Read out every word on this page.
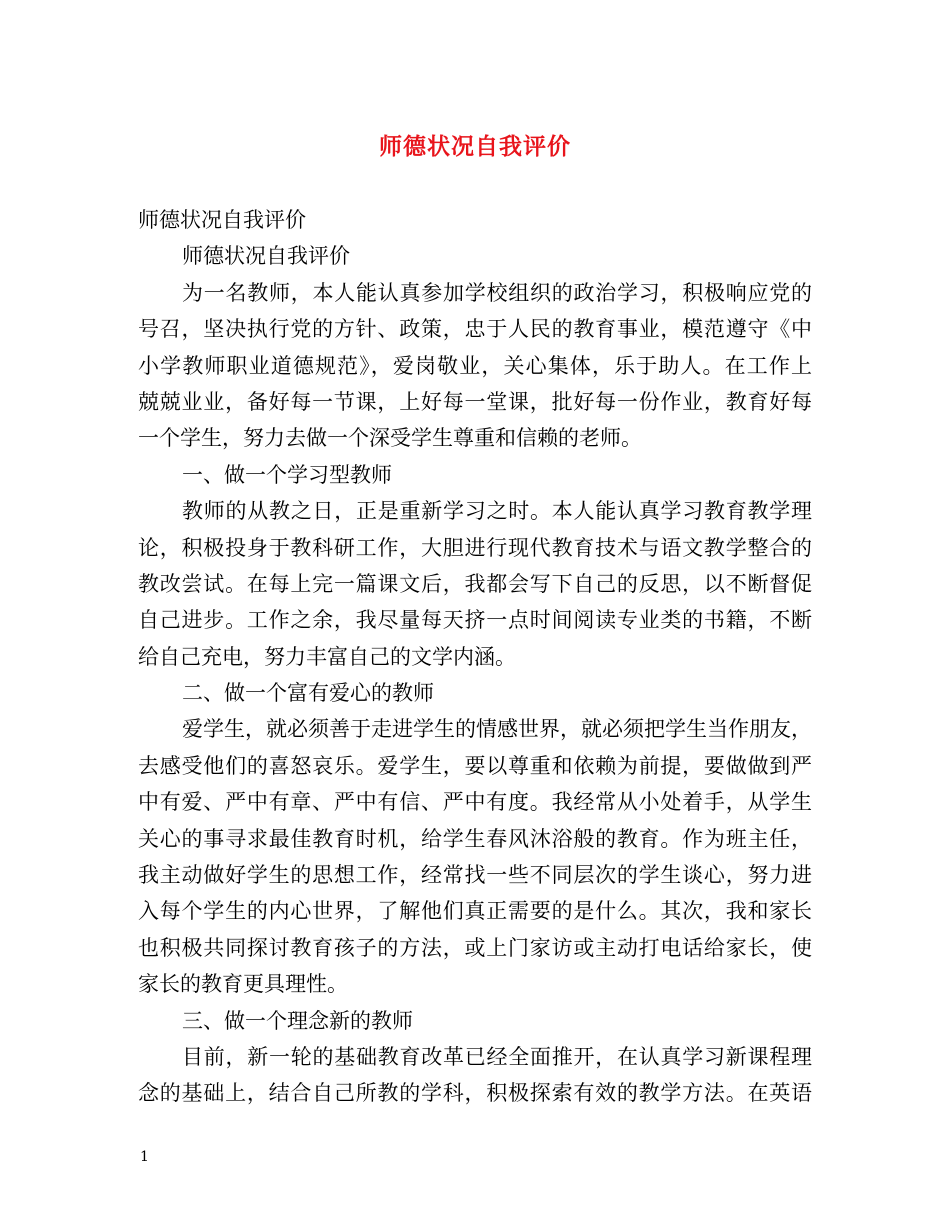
师德状况自我评价
师德状况自我评价
师德状况自我评价
为一名教师，本人能认真参加学校组织的政治学习，积极响应党的
号召，坚决执行党的方针、政策，忠于人民的教育事业，模范遵守《中
小学教师职业道德规范》，爱岗敬业，关心集体，乐于助人。在工作上
兢兢业业，备好每一节课，上好每一堂课，批好每一份作业，教育好每
一个学生，努力去做一个深受学生尊重和信赖的老师。
一、做一个学习型教师
教师的从教之日，正是重新学习之时。本人能认真学习教育教学理
论，积极投身于教科研工作，大胆进行现代教育技术与语文教学整合的
教改尝试。在每上完一篇课文后，我都会写下自己的反思，以不断督促
自己进步。工作之余，我尽量每天挤一点时间阅读专业类的书籍，不断
给自己充电，努力丰富自己的文学内涵。
二、做一个富有爱心的教师
爱学生，就必须善于走进学生的情感世界，就必须把学生当作朋友，
去感受他们的喜怒哀乐。爱学生，要以尊重和依赖为前提，要做做到严
中有爱、严中有章、严中有信、严中有度。我经常从小处着手，从学生
关心的事寻求最佳教育时机，给学生春风沐浴般的教育。作为班主任，
我主动做好学生的思想工作，经常找一些不同层次的学生谈心，努力进
入每个学生的内心世界，了解他们真正需要的是什么。其次，我和家长
也积极共同探讨教育孩子的方法，或上门家访或主动打电话给家长，使
家长的教育更具理性。
三、做一个理念新的教师
目前，新一轮的基础教育改革已经全面推开，在认真学习新课程理
念的基础上，结合自己所教的学科，积极探索有效的教学方法。在英语
1
